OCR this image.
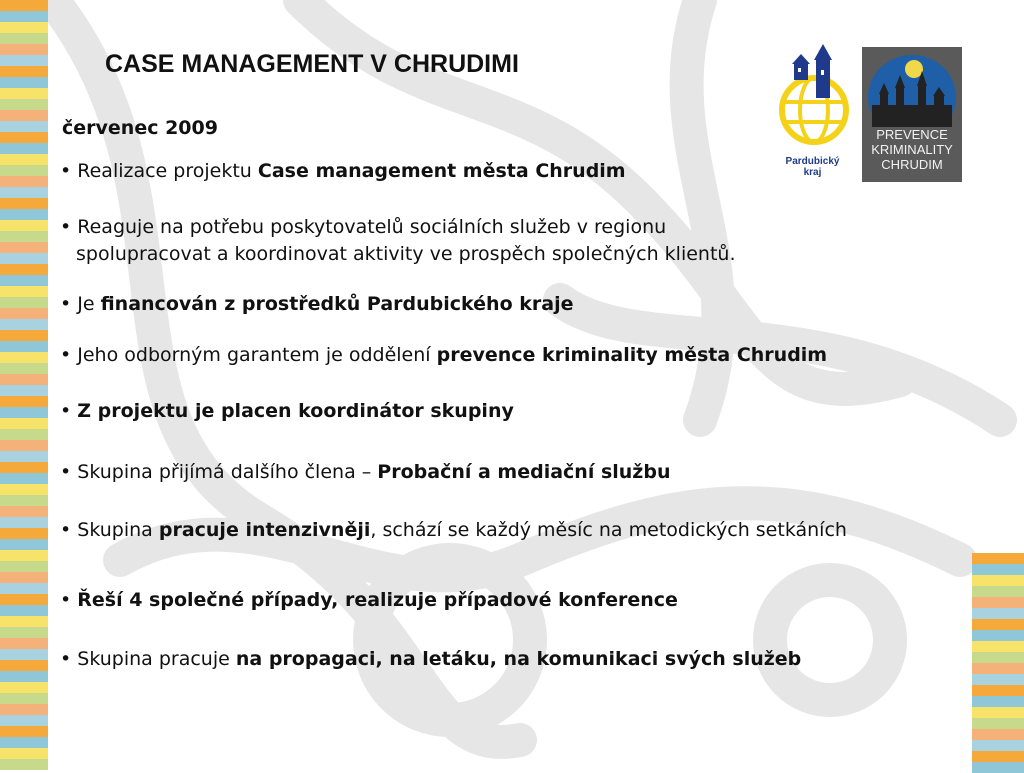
CASE MANAGEMENT V CHRUDIMI
červenec 2009
• Realizace projektu Case management města Chrudim
• Reaguje na potřebu poskytovatelů sociálních služeb v regionu
spolupracovat a koordinovat aktivity ve prospěch společných klientů.
• Je financován z prostředků Pardubického kraje
• Jeho odborným garantem je oddělení prevence kriminality města Chrudim
• Z projektu je placen koordinátor skupiny
• Skupina přijímá dalšího člena – Probační a mediační službu
• Skupina pracuje intenzivněji, schází se každý měsíc na metodických setkáních
• Řeší 4 společné případy, realizuje případové konference
• Skupina pracuje na propagaci, na letáku, na komunikaci svých služeb
Pardubický
kraj
PREVENCE
KRIMINALITY
CHRUDIM
